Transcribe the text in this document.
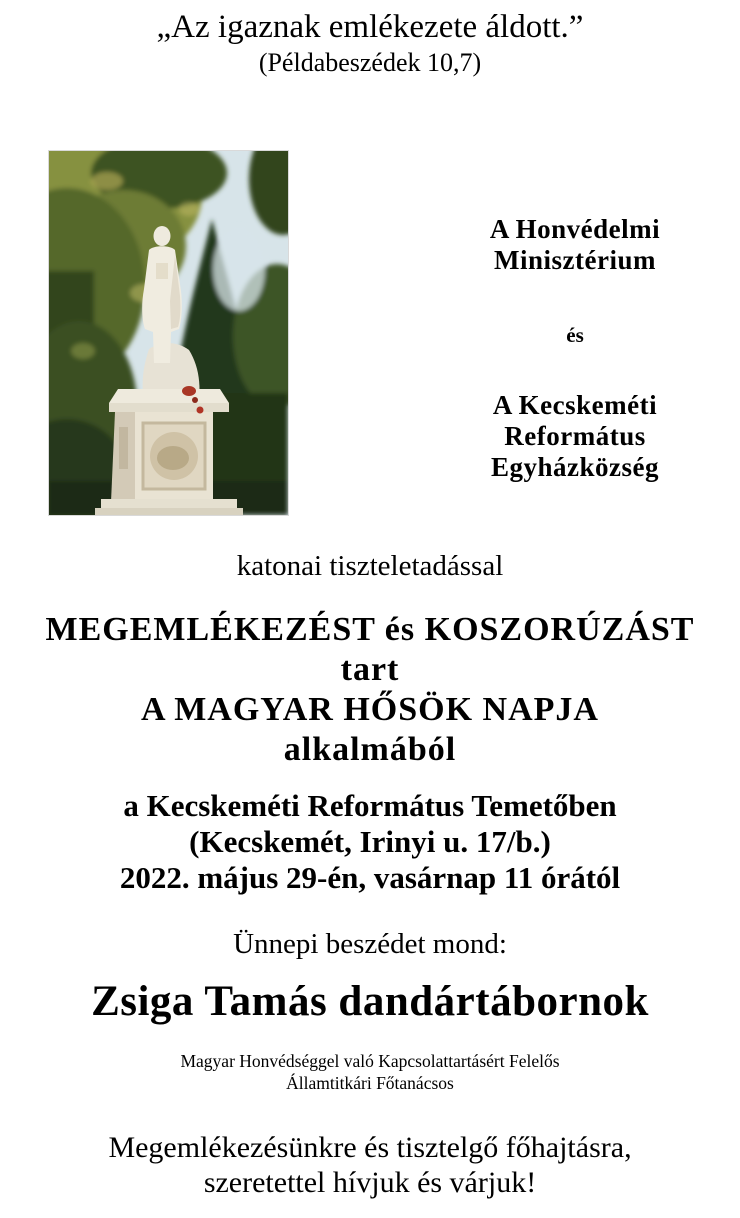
„Az igaznak emlékezete áldott.”
(Példabeszédek 10,7)
A Honvédelmi
Minisztérium
és
A Kecskeméti
Református
Egyházközség
katonai tiszteletadással
MEGEMLÉKEZÉST és KOSZORÚZÁST
tart
A MAGYAR HŐSÖK NAPJA
alkalmából
a Kecskeméti Református Temetőben
(Kecskemét, Irinyi u. 17/b.)
2022. május 29-én, vasárnap 11 órától
Ünnepi beszédet mond:
Zsiga Tamás dandártábornok
Magyar Honvédséggel való Kapcsolattartásért Felelős
Államtitkári Főtanácsos
Megemlékezésünkre és tisztelgő főhajtásra,
szeretettel hívjuk és várjuk!
